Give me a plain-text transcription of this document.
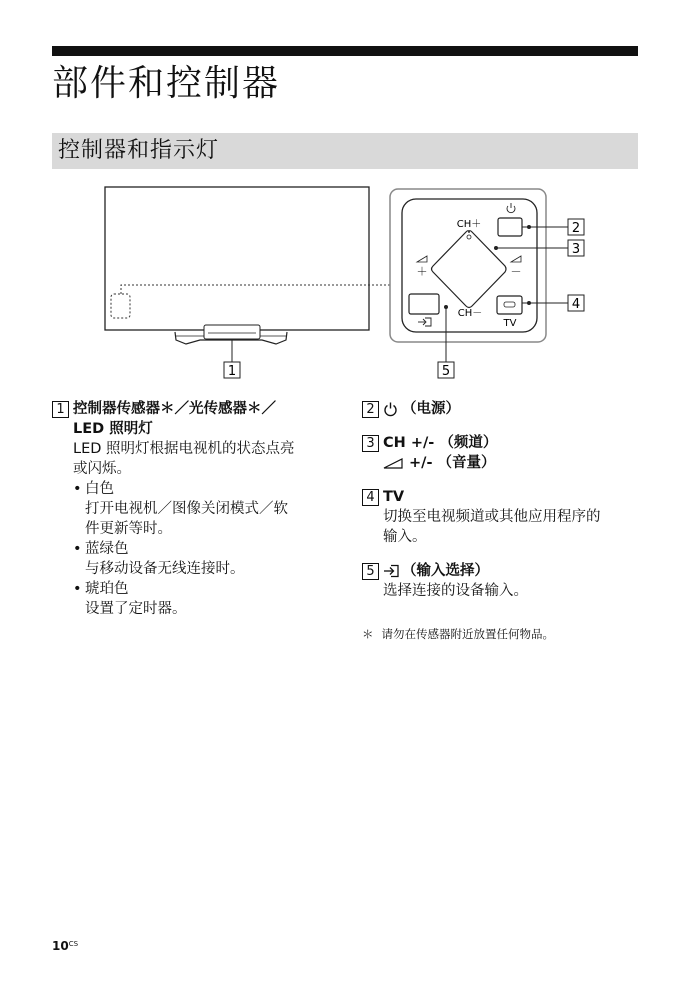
部件和控制器
控制器和指示灯
1
CH＋
CH－
＋	－
TV
2
3
4
5
1 控制器传感器＊／光传感器＊／
LED 照明灯
LED 照明灯根据电视机的状态点亮
或闪烁。
• 白色
打开电视机／图像关闭模式／软
件更新等时。
• 蓝绿色
与移动设备无线连接时。
• 琥珀色
设置了定时器。
2	（电源）
3 CH +/- （频道）
+/- （音量）
4 TV
切换至电视频道或其他应用程序的
输入。
5	（输入选择）
选择连接的设备输入。
＊ 请勿在传感器附近放置任何物品。
$10^{CS}$
